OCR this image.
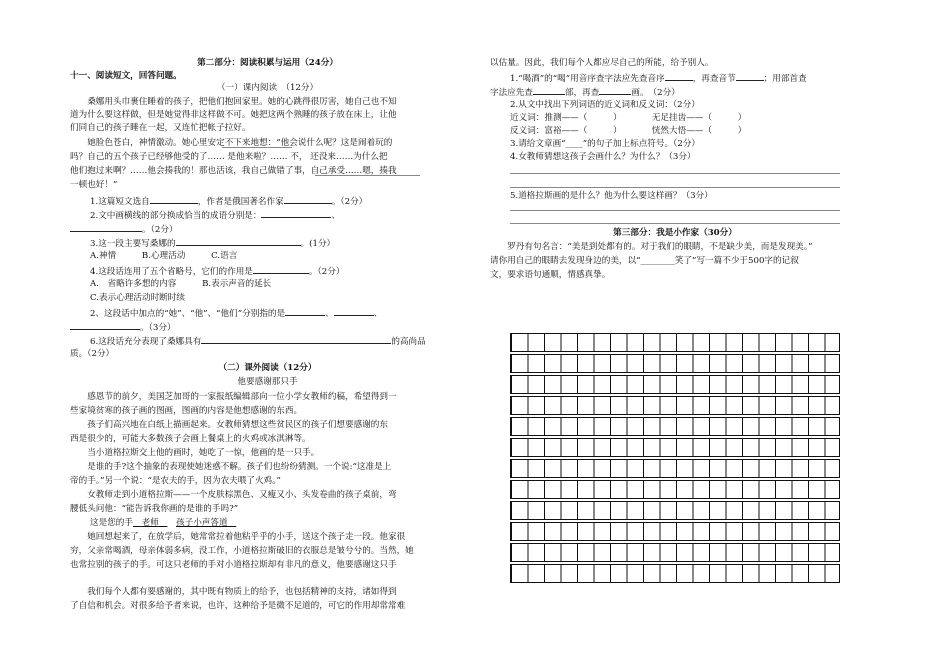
第二部分：阅读积累与运用（24分）
十一、阅读短文，回答问题。
（一）课内阅读　（12分）
　　桑娜用头巾裹住睡着的孩子，把他们抱回家里。她的心跳得很厉害，她自己也不知
道为什么要这样做，但是她觉得非这样做不可。她把这两个熟睡的孩子放在床上，让他
们同自己的孩子睡在一起，又连忙把帐子拉好。
　　她脸色苍白，神情激动。她心里安定不下来地想：“他会说什么呢？这是闹着玩的
吗？自己的五个孩子已经够他受的了…… 是他来啦？…… 不， 还没来……为什么把
他们抱过来啊？……他会揍我的！那也活该，我自己做错了事，自己承受……嗯，揍我
一顿也好！”
1.这篇短文选自	，作者是俄国著名作家	。（2分）
2.文中画横线的部分换成恰当的成语分别是：	、
。（2分）
3.这一段主要写桑娜的	。(1分）
A.神情　　　B.心理活动　　　C.语言
4.这段话连用了五个省略号，它们的作用是	。（2分）
A.　省略许多想的内容　　　B.表示声音的延长
C.表示心理活动时断时续
2、这段话中加点的“她”、“他”、“他们”分别指的是	、	、
。（3分）
6.这段话充分表现了桑娜具有	的高尚品
质。（2分）
（二）课外阅读（12分）
他要感谢那只手
　　感恩节的前夕，美国芝加哥的一家报纸编辑部向一位小学女教师约稿，希望得到一
些家境贫寒的孩子画的图画，图画的内容是他想感谢的东西。
　　孩子们高兴地在白纸上描画起来。女教师猜想这些贫民区的孩子们想要感谢的东
西是很少的，可能大多数孩子会画上餐桌上的火鸡或冰淇淋等。
　　当小道格拉斯交上他的画时，她吃了一惊，他画的是一只手。
　　是谁的手?这个抽象的表现使她迷惑不解。孩子们也纷纷猜测。一个说:“这准是上
帝的手。”另一个说：“是农夫的手，因为农夫喂了火鸡。”
　　女教师走到小道格拉斯——一个皮肤棕黑色、又瘦又小、头发卷曲的孩子桌前，弯
腰低头问他：“能告诉我你画的是谁的手吗?”
这是您的手　 老师　　 孩子小声答道　
　　她回想起来了，在放学后，她常常拉着他粘乎乎的小手，送这个孩子走一段。他家很
穷，父亲常喝酒，母亲体弱多病，没工作，小道格拉斯破旧的衣服总是皱兮兮的。当然，她
也常拉别的孩子的手。可这只老师的手对小道格拉斯却有非凡的意义，他要感谢这只手
　　我们每个人都有要感谢的，其中既有物质上的给予，也包括精神的支持，诸如得到
了自信和机会。对很多给予者来说，也许，这种给予是微不足道的，可它的作用却常常难
以估量。因此，我们每个人都应尽自己的所能，给予别人。
1.“喝酒”的“喝”用音序查字法应先查音序	，再查音节	；用部首查
字法应先查	部，再查	画。　（2分）
2.从文中找出下列词语的近义词和反义词：（2分）
近义词：推测——（　　　）　　　　	无足挂齿——（　　　）
反义词：富裕——（　　　）　　　　	恍然大悟——（　　　）
3.请给文章画“____”的句子加上标点符号。（2分）
4.女教师猜想这孩子会画什么？为什么？（3分）
5.道格拉斯画的是什么？他为什么要这样画？（3分）
第三部分：我是小作家（30分）
　　罗丹有句名言：“美是到处都有的。对于我们的眼睛，不是缺少美，而是发现美。”
请你用自己的眼睛去发现身边的美，以“________笑了”写一篇不少于500字的记叙
文，要求语句通顺，情感真挚。
